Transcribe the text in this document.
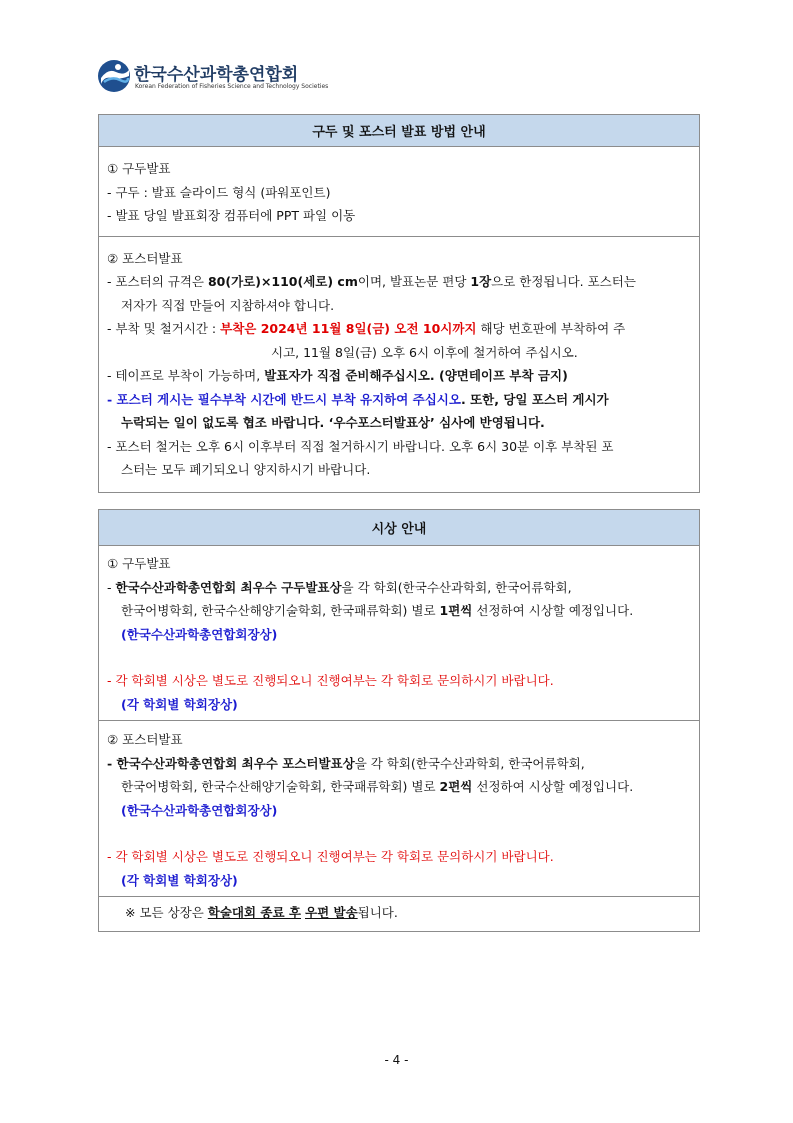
한국수산과학총연합회
Korean Federation of Fisheries Science and Technology Societies
구두 및 포스터 발표 방법 안내

① 구두발표
- 구두 : 발표 슬라이드 형식 (파워포인트)
- 발표 당일 발표회장 컴퓨터에 PPT 파일 이동

② 포스터발표
- 포스터의 규격은 80(가로)×110(세로) cm이며, 발표논문 편당 1장으로 한정됩니다. 포스터는
저자가 직접 만들어 지참하셔야 합니다.
- 부착 및 철거시간 : 부착은 2024년 11월 8일(금) 오전 10시까지 해당 번호판에 부착하여 주
시고, 11월 8일(금) 오후 6시 이후에 철거하여 주십시오.
- 테이프로 부착이 가능하며, 발표자가 직접 준비해주십시오. (양면테이프 부착 금지)
- 포스터 게시는 필수부착 시간에 반드시 부착 유지하여 주십시오. 또한, 당일 포스터 게시가
누락되는 일이 없도록 협조 바랍니다. ‘우수포스터발표상’ 심사에 반영됩니다.
- 포스터 철거는 오후 6시 이후부터 직접 철거하시기 바랍니다. 오후 6시 30분 이후 부착된 포
스터는 모두 폐기되오니 양지하시기 바랍니다.
시상 안내

① 구두발표
- 한국수산과학총연합회 최우수 구두발표상을 각 학회(한국수산과학회, 한국어류학회,
한국어병학회, 한국수산해양기술학회, 한국패류학회) 별로 1편씩 선정하여 시상할 예정입니다.
(한국수산과학총연합회장상)
- 각 학회별 시상은 별도로 진행되오니 진행여부는 각 학회로 문의하시기 바랍니다.
(각 학회별 학회장상)

② 포스터발표
- 한국수산과학총연합회 최우수 포스터발표상을 각 학회(한국수산과학회, 한국어류학회,
한국어병학회, 한국수산해양기술학회, 한국패류학회) 별로 2편씩 선정하여 시상할 예정입니다.
(한국수산과학총연합회장상)
- 각 학회별 시상은 별도로 진행되오니 진행여부는 각 학회로 문의하시기 바랍니다.
(각 학회별 학회장상)

※ 모든 상장은 학술대회 종료 후 우편 발송됩니다.
- 4 -
